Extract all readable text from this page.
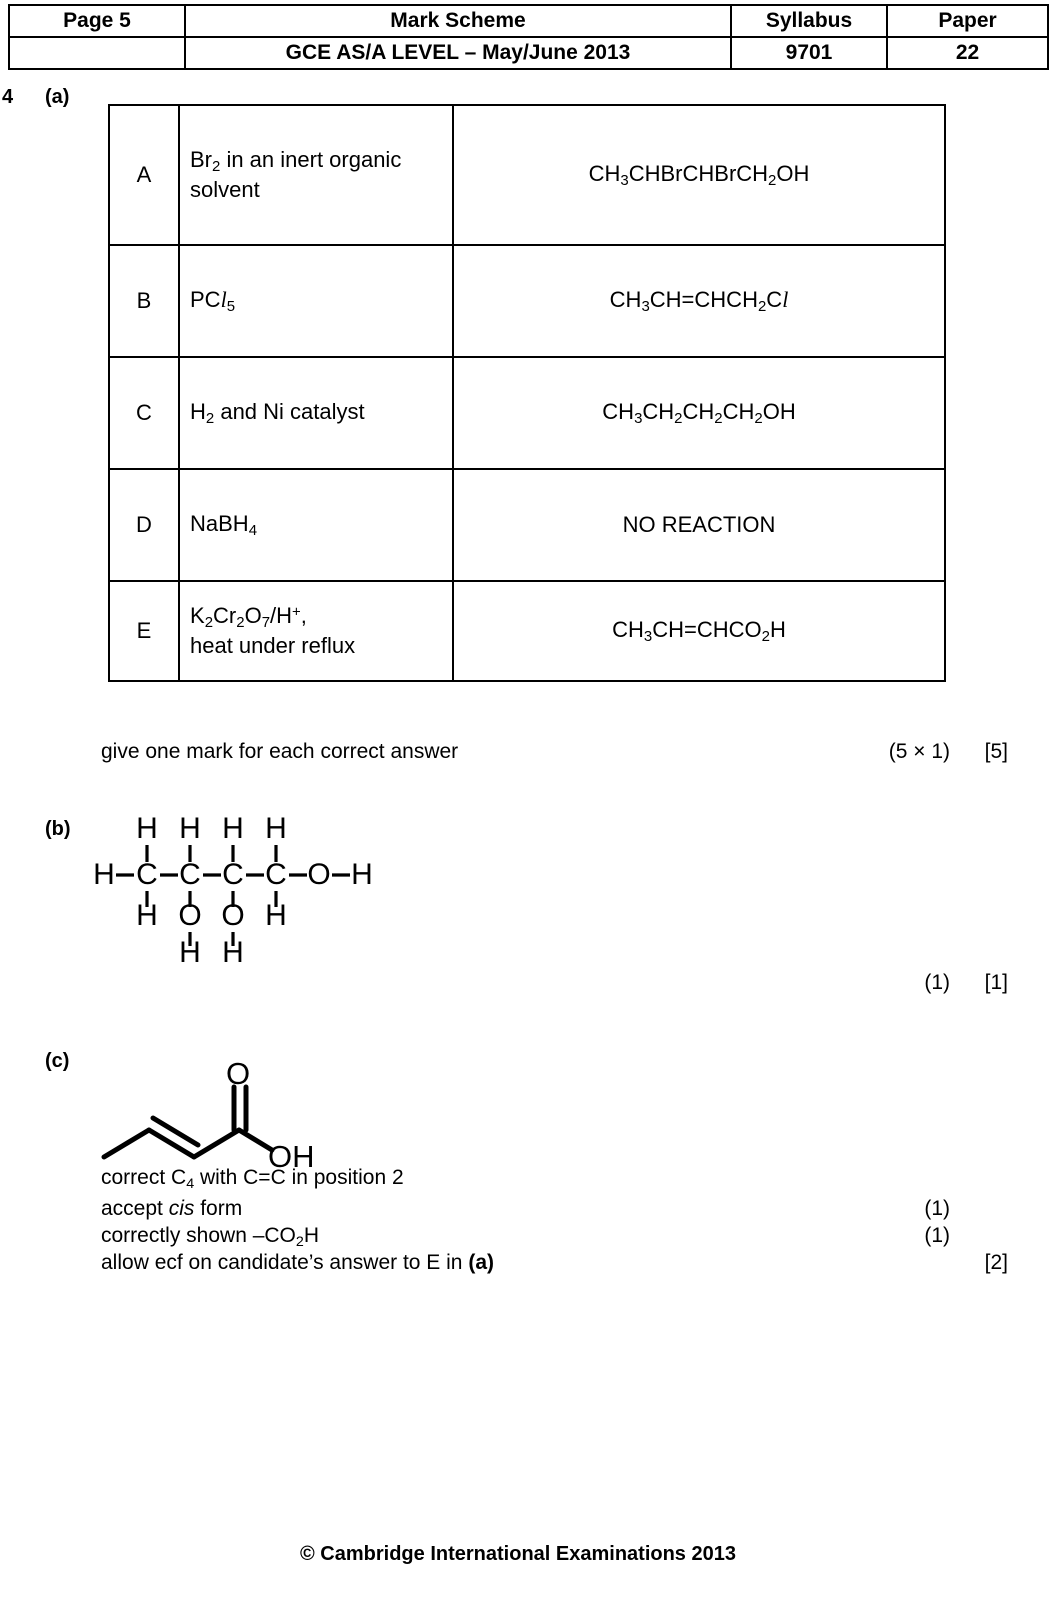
Page 5	Mark Scheme	Syllabus	Paper
	GCE AS/A LEVEL – May/June 2013	9701	22
4 (a)
A	$Br_2$ in an inert organic solvent	$CH_3CHBrCHBrCH_2OH$
B	PCl$_5$	$CH_3CH=CHCH_2Cl$
C	$H_2$ and Ni catalyst	$CH_3CH_2CH_2CH_2OH$
D	NaBH$_4$	NO REACTION
E	$K_2Cr_2O_7/H^+$,
heat under reflux	$CH_3CH=CHCO_2H$
give one mark for each correct answer	(5 × 1)	[5]
(b) H H H H
H C C C C O H
H O O H
H H
(1)	[1]
(c)	O
OH
correct $C_4$ with C=C in position 2
accept cis form	(1)
correctly shown $-CO_2H$	(1)
allow ecf on candidate’s answer to E in (a)	[2]
© Cambridge International Examinations 2013
